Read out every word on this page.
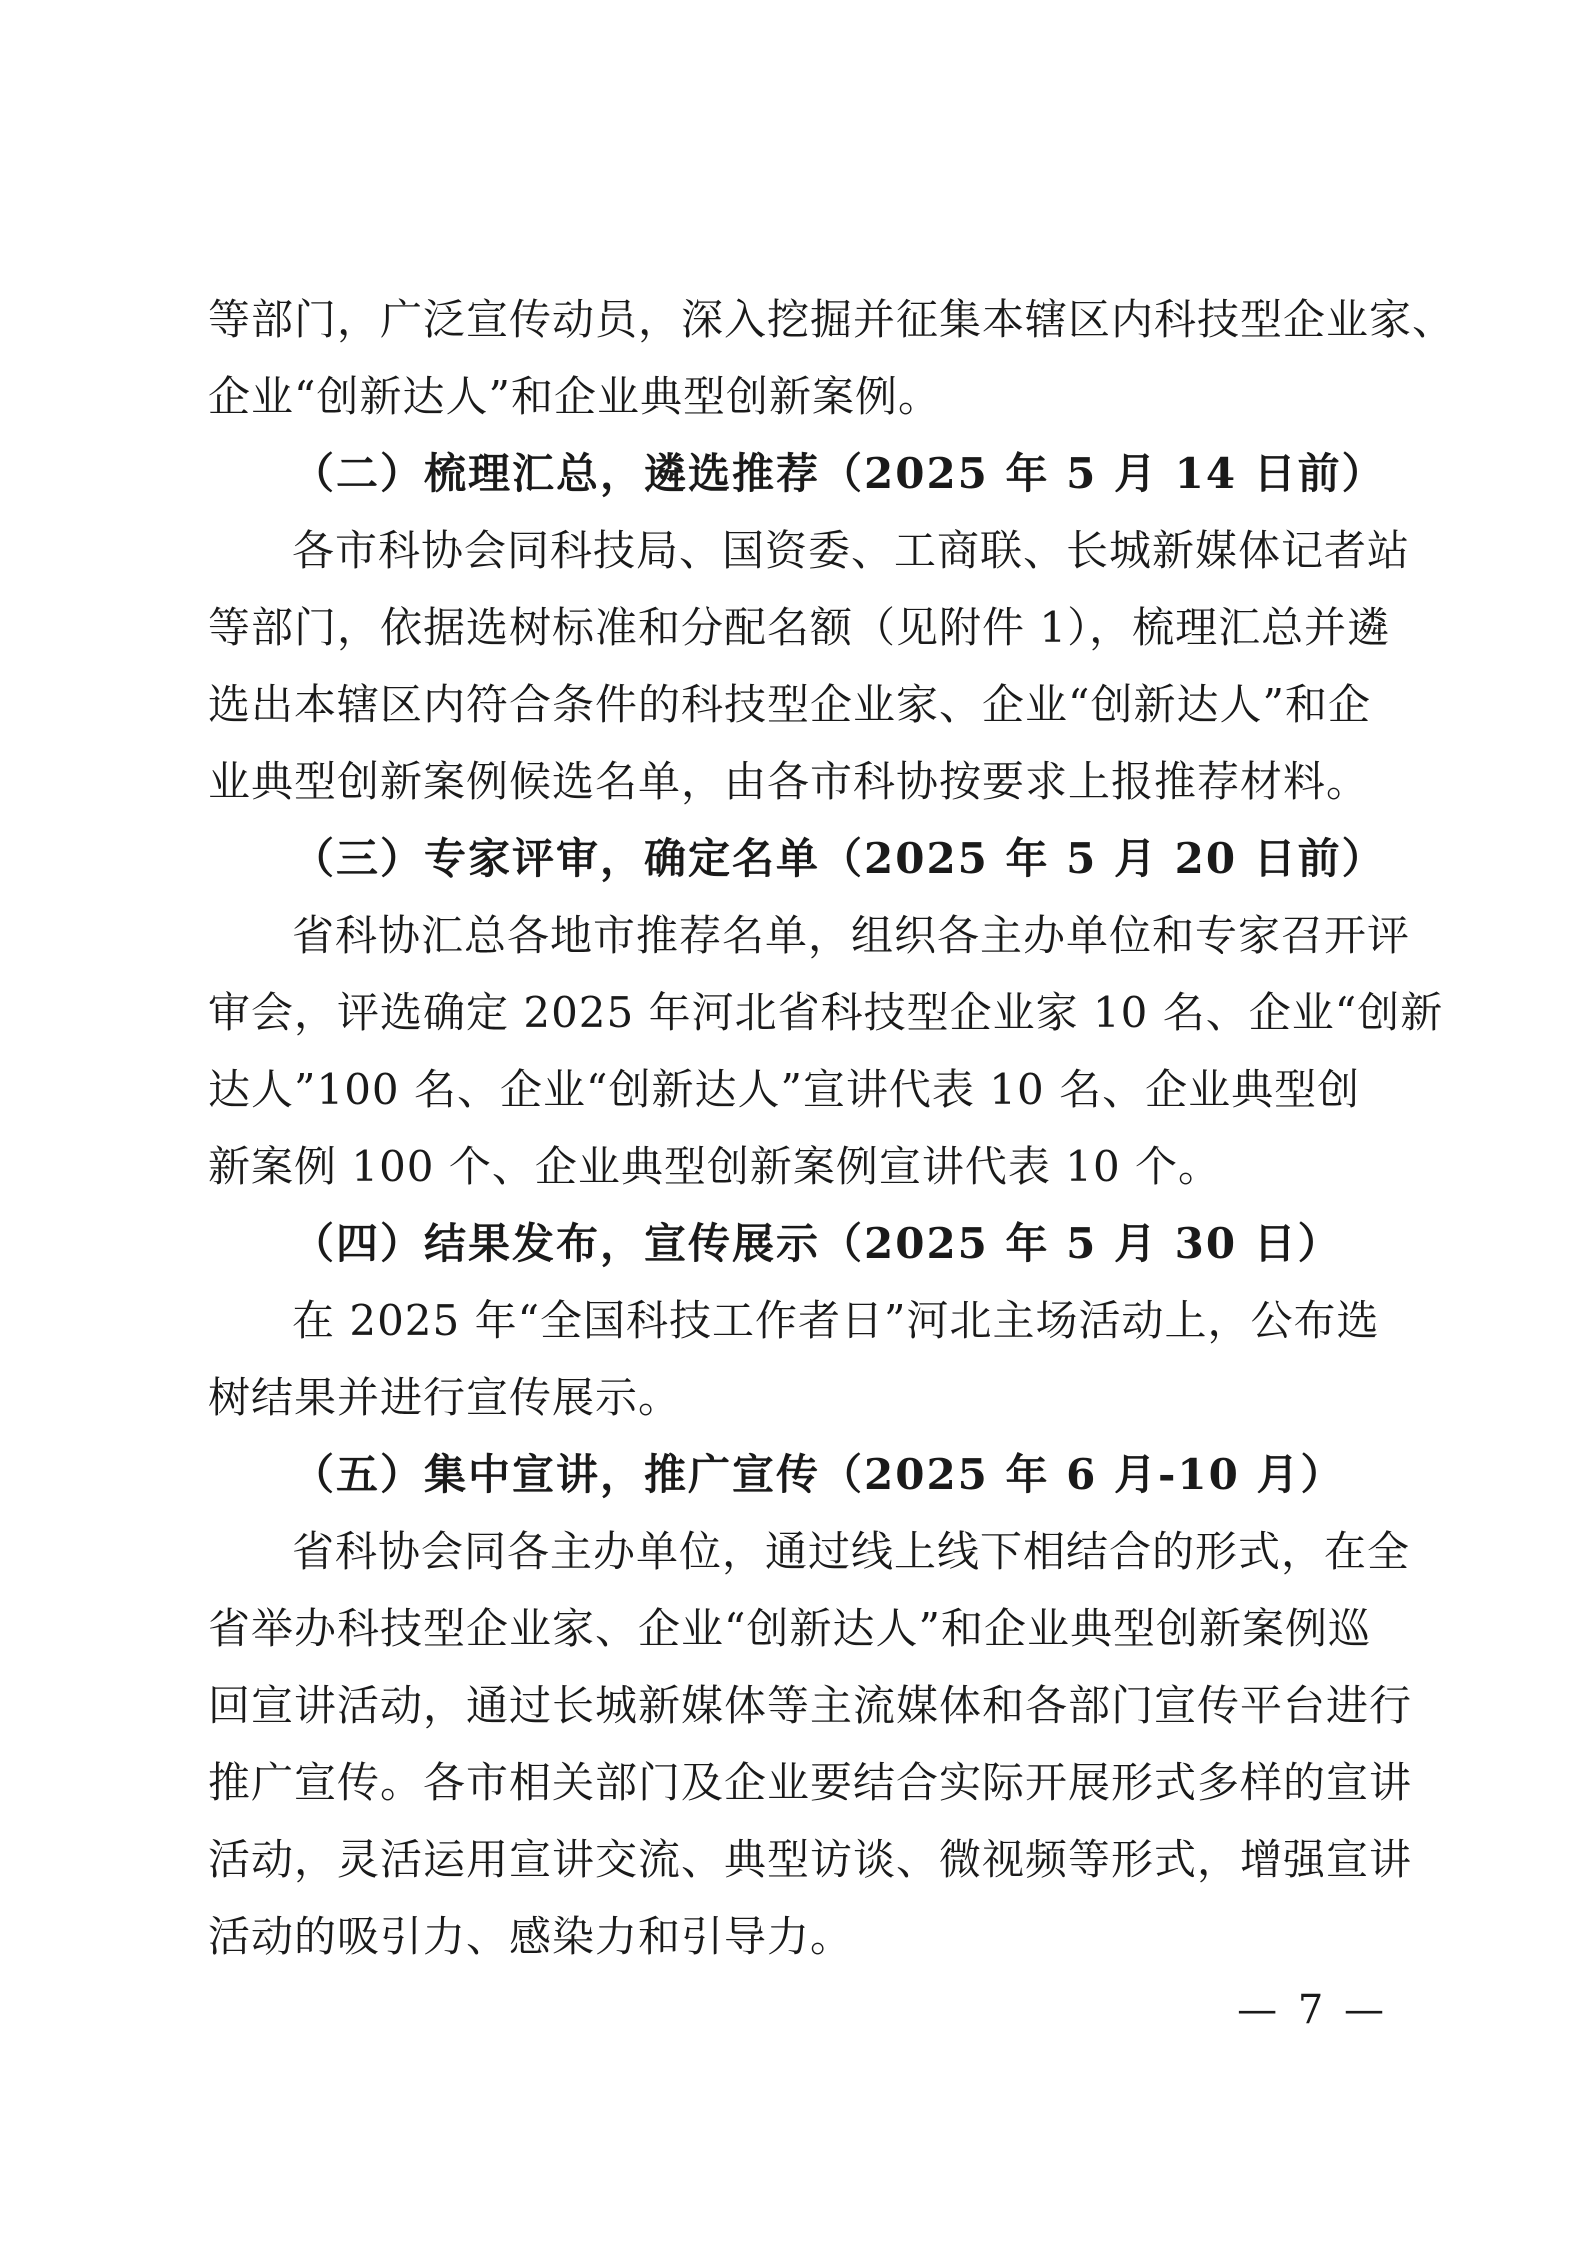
等部门，广泛宣传动员，深入挖掘并征集本辖区内科技型企业家、
企业“创新达人”和企业典型创新案例。
（二）梳理汇总，遴选推荐（2025 年 5 月 14 日前）
各市科协会同科技局、国资委、工商联、长城新媒体记者站
等部门，依据选树标准和分配名额（见附件 1），梳理汇总并遴
选出本辖区内符合条件的科技型企业家、企业“创新达人”和企
业典型创新案例候选名单，由各市科协按要求上报推荐材料。
（三）专家评审，确定名单（2025 年 5 月 20 日前）
省科协汇总各地市推荐名单，组织各主办单位和专家召开评
审会，评选确定 2025 年河北省科技型企业家 10 名、企业“创新
达人”100 名、企业“创新达人”宣讲代表 10 名、企业典型创
新案例 100 个、企业典型创新案例宣讲代表 10 个。
（四）结果发布，宣传展示（2025 年 5 月 30 日）
在 2025 年“全国科技工作者日”河北主场活动上，公布选
树结果并进行宣传展示。
（五）集中宣讲，推广宣传（2025 年 6 月-10 月）
省科协会同各主办单位，通过线上线下相结合的形式，在全
省举办科技型企业家、企业“创新达人”和企业典型创新案例巡
回宣讲活动，通过长城新媒体等主流媒体和各部门宣传平台进行
推广宣传。各市相关部门及企业要结合实际开展形式多样的宣讲
活动，灵活运用宣讲交流、典型访谈、微视频等形式，增强宣讲
活动的吸引力、感染力和引导力。
— 7 —
